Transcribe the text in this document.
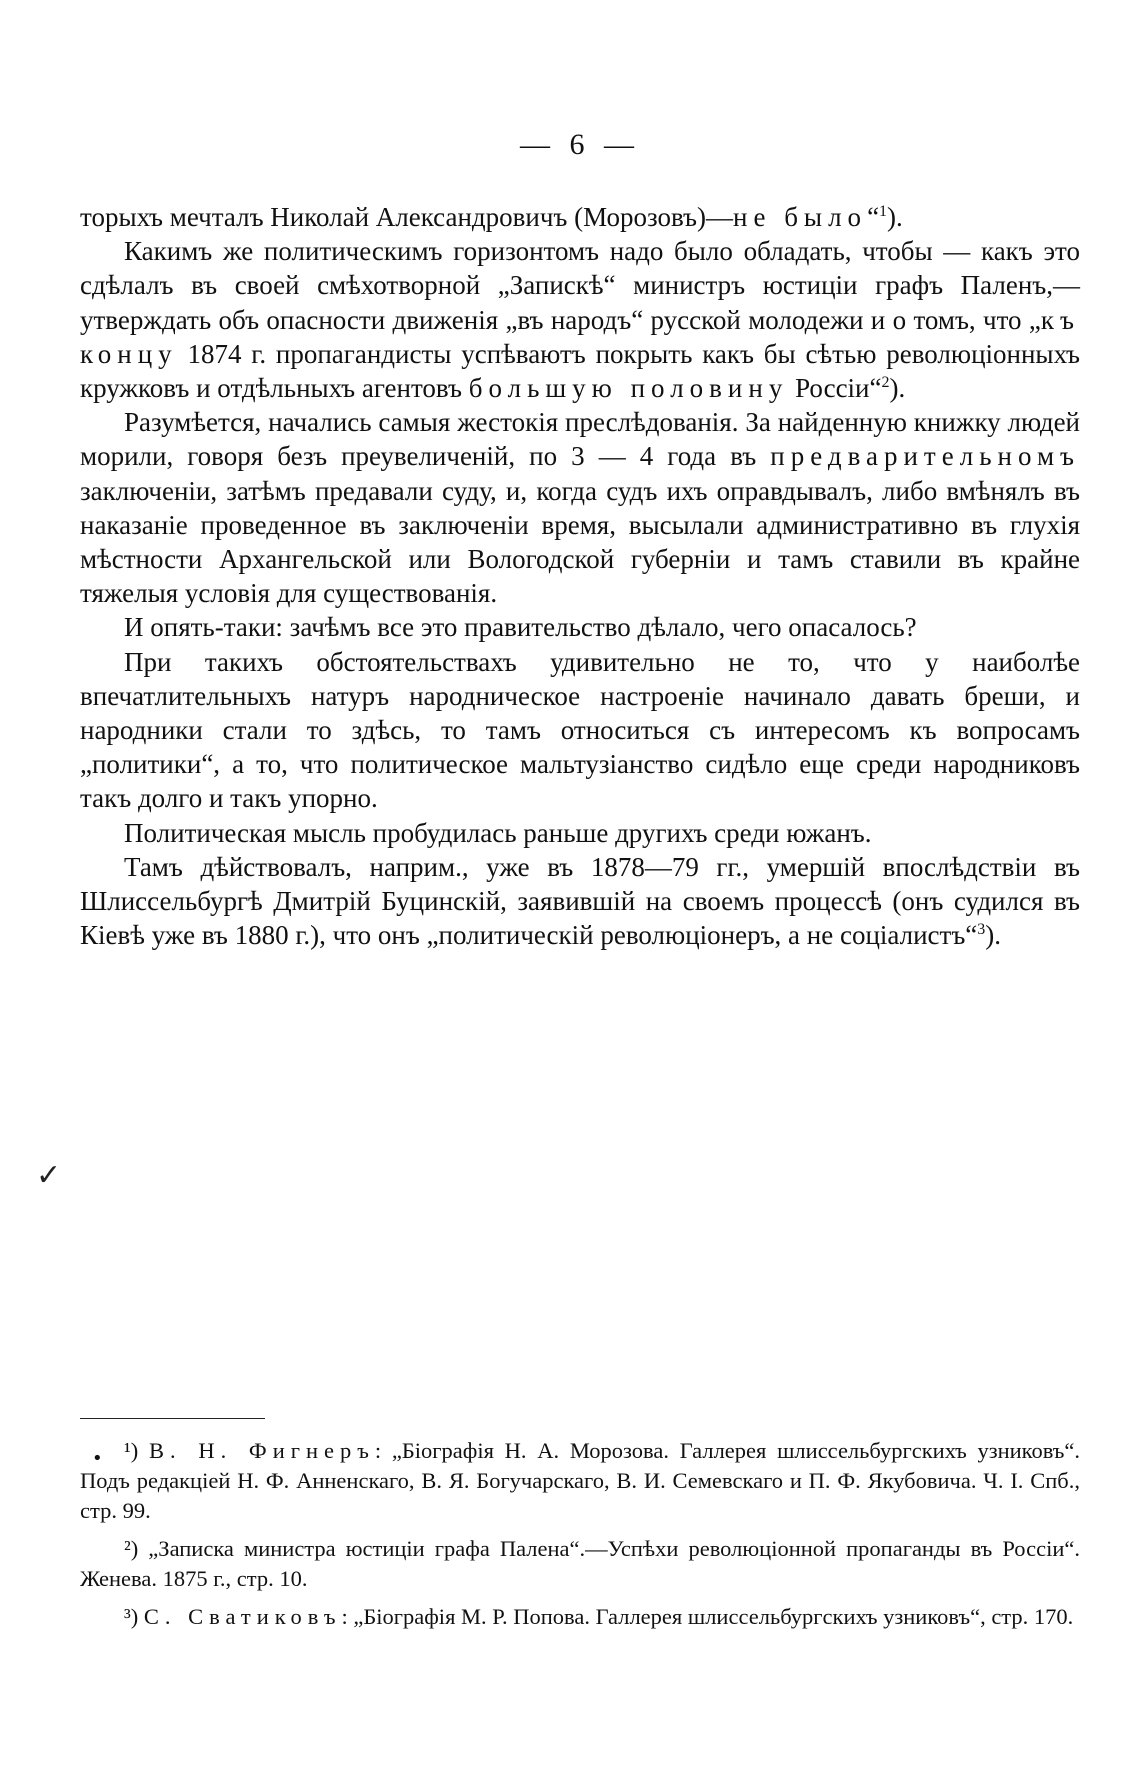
— 6 —

торыхъ мечталъ Николай Александровичъ (Морозовъ)—не было“$^1$).

Какимъ же политическимъ горизонтомъ надо было обладать, чтобы — какъ это сдѣлалъ въ своей смѣхотворной „Запискѣ“ министръ юстиціи графъ Паленъ,— утверждать объ опасности движенія „въ народъ“ русской молодежи и о томъ, что „къ концу 1874 г. пропагандисты успѣваютъ покрыть какъ бы сѣтью революціонныхъ кружковъ и отдѣльныхъ агентовъ большую половину Россіи“$^2$).

Разумѣется, начались самыя жестокія преслѣдованія. За найденную книжку людей морили, говоря безъ преувеличеній, по 3 — 4 года въ предварительномъ заключеніи, затѣмъ предавали суду, и, когда судъ ихъ оправдывалъ, либо вмѣнялъ въ наказаніе проведенное въ заключеніи время, высылали административно въ глухія мѣстности Архангельской или Вологодской губерніи и тамъ ставили въ крайне тяжелыя условія для существованія.

И опять-таки: зачѣмъ все это правительство дѣлало, чего опасалось?

При такихъ обстоятельствахъ удивительно не то, что у наиболѣе впечатлительныхъ натуръ народническое настроеніе начинало давать бреши, и народники стали то здѣсь, то тамъ относиться съ интересомъ къ вопросамъ „политики“, а то, что политическое мальтузіанство сидѣло еще среди народниковъ такъ долго и такъ упорно.

Политическая мысль пробудилась раньше другихъ среди южанъ.

Тамъ дѣйствовалъ, наприм., уже въ 1878—79 гг., умершій впослѣдствіи въ Шлиссельбургѣ Дмитрій Буцинскій, заявившій на своемъ процессѣ (онъ судился въ Кіевѣ уже въ 1880 г.), что онъ „политическій революціонеръ, а не соціалистъ“$^3$).

¹) В. Н. Фигнеръ: „Біографія Н. А. Морозова. Галлерея шлиссельбургскихъ узниковъ“. Подъ редакціей Н. Ф. Анненскаго, В. Я. Богучарскаго, В. И. Семевскаго и П. Ф. Якубовича. Ч. I. Спб., стр. 99.

²) „Записка министра юстиціи графа Палена“.—Успѣхи революціонной пропаганды въ Россіи“. Женева. 1875 г., стр. 10.

³) С. Сватиковъ: „Біографія М. Р. Попова. Галлерея шлиссельбургскихъ узниковъ“, стр. 170.

✓
•
